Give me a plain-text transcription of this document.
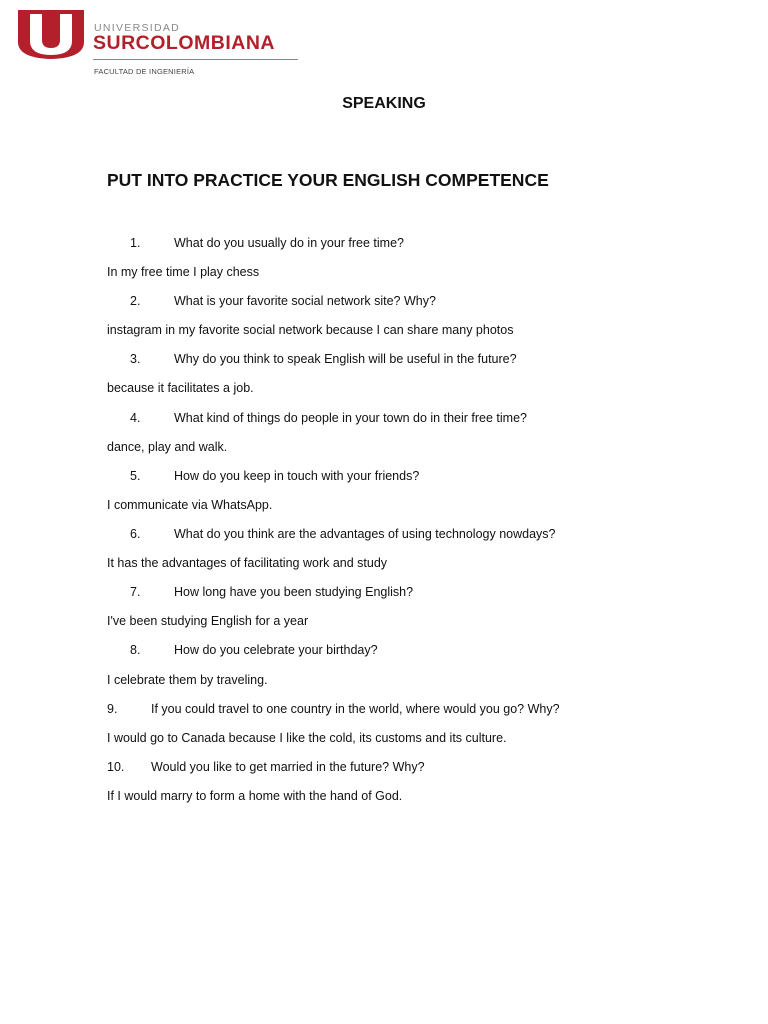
S	UNIVERSIDAD
SURCOLOMBIANA
FACULTAD DE INGENIERÍA
SPEAKING
PUT INTO PRACTICE YOUR ENGLISH COMPETENCE
1.	What do you usually do in your free time?
In my free time I play chess
2.	What is your favorite social network site? Why?
instagram in my favorite social network because I can share many photos
3.	Why do you think to speak English will be useful in the future?
because it facilitates a job.
4.	What kind of things do people in your town do in their free time?
dance, play and walk.
5.	How do you keep in touch with your friends?
I communicate via WhatsApp.
6.	What do you think are the advantages of using technology nowdays?
It has the advantages of facilitating work and study
7.	How long have you been studying English?
I've been studying English for a year
8.	How do you celebrate your birthday?
I celebrate them by traveling.
9.	If you could travel to one country in the world, where would you go? Why?
I would go to Canada because I like the cold, its customs and its culture.
10. Would you like to get married in the future? Why?
If I would marry to form a home with the hand of God.
